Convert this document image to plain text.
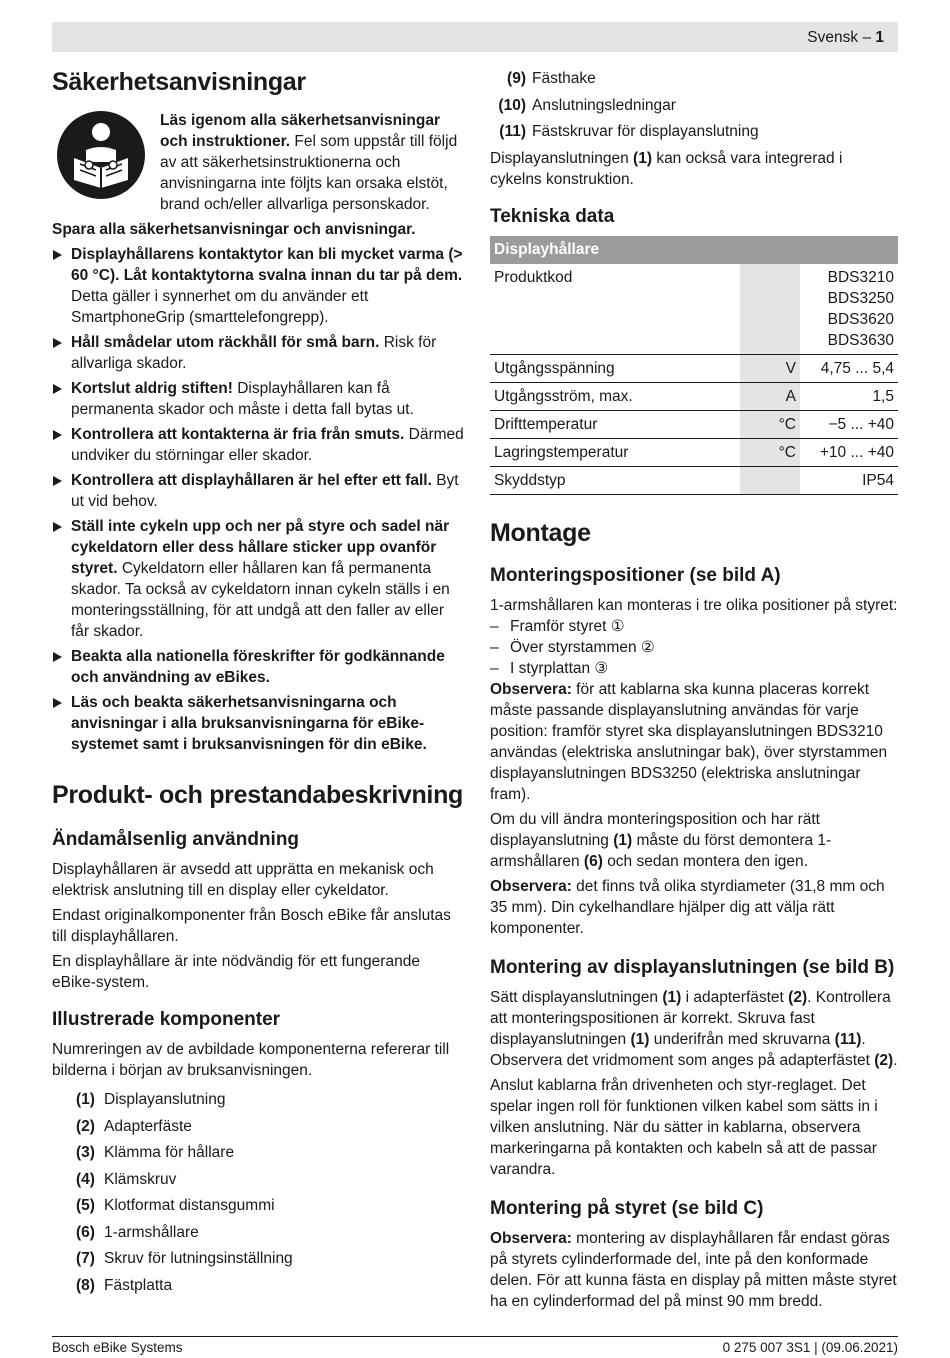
Svensk – 1
Säkerhetsanvisningar
Läs igenom alla säkerhetsanvisningar och instruktioner. Fel som uppstår till följd av att säkerhetsinstruktionerna och anvisningarna inte följts kan orsaka elstöt, brand och/eller allvarliga personskador.

Spara alla säkerhetsanvisningar och anvisningar.

Displayhållarens kontaktytor kan bli mycket varma (> 60 °C). Låt kontaktytorna svalna innan du tar på dem. Detta gäller i synnerhet om du använder ett SmartphoneGrip (smarttelefongrepp).
Håll smådelar utom räckhåll för små barn. Risk för allvarliga skador.
Kortslut aldrig stiften! Displayhållaren kan få permanenta skador och måste i detta fall bytas ut.
Kontrollera att kontakterna är fria från smuts. Därmed undviker du störningar eller skador.
Kontrollera att displayhållaren är hel efter ett fall. Byt ut vid behov.
Ställ inte cykeln upp och ner på styre och sadel när cykeldatorn eller dess hållare sticker upp ovanför styret. Cykeldatorn eller hållaren kan få permanenta skador. Ta också av cykeldatorn innan cykeln ställs i en monteringsställning, för att undgå att den faller av eller får skador.
Beakta alla nationella föreskrifter för godkännande och användning av eBikes.
Läs och beakta säkerhetsanvisningarna och anvisningar i alla bruksanvisningarna för eBike-systemet samt i bruksanvisningen för din eBike.
Produkt- och prestandabeskrivning
Ändamålsenlig användning

Displayhållaren är avsedd att upprätta en mekanisk och elektrisk anslutning till en display eller cykeldator.

Endast originalkomponenter från Bosch eBike får anslutas till displayhållaren.

En displayhållare är inte nödvändig för ett fungerande eBike-system.

Illustrerade komponenter

Numreringen av de avbildade komponenterna refererar till bilderna i början av bruksanvisningen.

(1) Displayanslutning
(2) Adapterfäste
(3) Klämma för hållare
(4) Klämskruv
(5) Klotformat distansgummi
(6) 1-armshållare
(7) Skruv för lutningsinställning
(8) Fästplatta
(9) Fästhake
(10) Anslutningsledningar
(11) Fästskruvar för displayanslutning

Displayanslutningen (1) kan också vara integrerad i cykelns konstruktion.

Tekniska data
Displayhållare		
Produktkod		BDS3210
BDS3250
BDS3620
BDS3630
Utgångsspänning	V	4,75 ... 5,4
Utgångsström, max.	A	1,5
Drifttemperatur	°C	−5 ... +40
Lagringstemperatur	°C	+10 ... +40
Skyddstyp		IP54
Montage
Monteringspositioner (se bild A)

1-armshållaren kan monteras i tre olika positioner på styret:

– Framför styret ①
– Över styrstammen ②
– I styrplattan ③

Observera: för att kablarna ska kunna placeras korrekt måste passande displayanslutning användas för varje position: framför styret ska displayanslutningen BDS3210 användas (elektriska anslutningar bak), över styrstammen displayanslutningen BDS3250 (elektriska anslutningar fram).

Om du vill ändra monteringsposition och har rätt displayanslutning (1) måste du först demontera 1-armshållaren (6) och sedan montera den igen.

Observera: det finns två olika styrdiameter (31,8 mm och 35 mm). Din cykelhandlare hjälper dig att välja rätt komponenter.

Montering av displayanslutningen (se bild B)

Sätt displayanslutningen (1) i adapterfästet (2). Kontrollera att monteringspositionen är korrekt. Skruva fast displayanslutningen (1) underifrån med skruvarna (11). Observera det vridmoment som anges på adapterfästet (2).

Anslut kablarna från drivenheten och styr-reglaget. Det spelar ingen roll för funktionen vilken kabel som sätts in i vilken anslutning. När du sätter in kablarna, observera markeringarna på kontakten och kabeln så att de passar varandra.

Montering på styret (se bild C)

Observera: montering av displayhållaren får endast göras på styrets cylinderformade del, inte på den konformade delen. För att kunna fästa en display på mitten måste styret ha en cylinderformad del på minst 90 mm bredd.

Bosch eBike Systems	0 275 007 3S1 | (09.06.2021)
